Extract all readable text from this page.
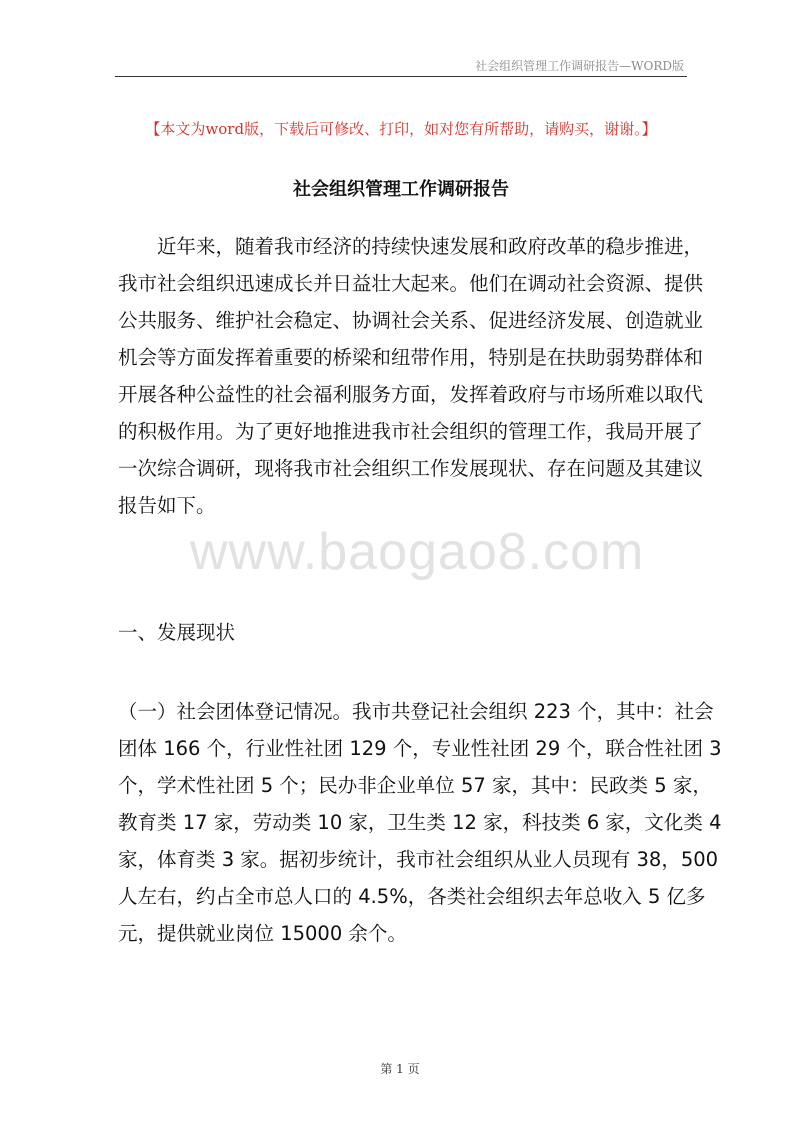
社会组织管理工作调研报告—WORD版
【本文为word版，下载后可修改、打印，如对您有所帮助，请购买，谢谢。】
社会组织管理工作调研报告
　　近年来，随着我市经济的持续快速发展和政府改革的稳步推进，
我市社会组织迅速成长并日益壮大起来。他们在调动社会资源、提供
公共服务、维护社会稳定、协调社会关系、促进经济发展、创造就业
机会等方面发挥着重要的桥梁和纽带作用，特别是在扶助弱势群体和
开展各种公益性的社会福利服务方面，发挥着政府与市场所难以取代
的积极作用。为了更好地推进我市社会组织的管理工作，我局开展了
一次综合调研，现将我市社会组织工作发展现状、存在问题及其建议
报告如下。
www.baogao8.com
一、发展现状
（一）社会团体登记情况。我市共登记社会组织 223 个，其中：社会
团体 166 个，行业性社团 129 个，专业性社团 29 个，联合性社团 3
个，学术性社团 5 个；民办非企业单位 57 家，其中：民政类 5 家，
教育类 17 家，劳动类 10 家，卫生类 12 家，科技类 6 家，文化类 4
家，体育类 3 家。据初步统计，我市社会组织从业人员现有 38，500
人左右，约占全市总人口的 4.5%，各类社会组织去年总收入 5 亿多
元，提供就业岗位 15000 余个。
第 1 页
